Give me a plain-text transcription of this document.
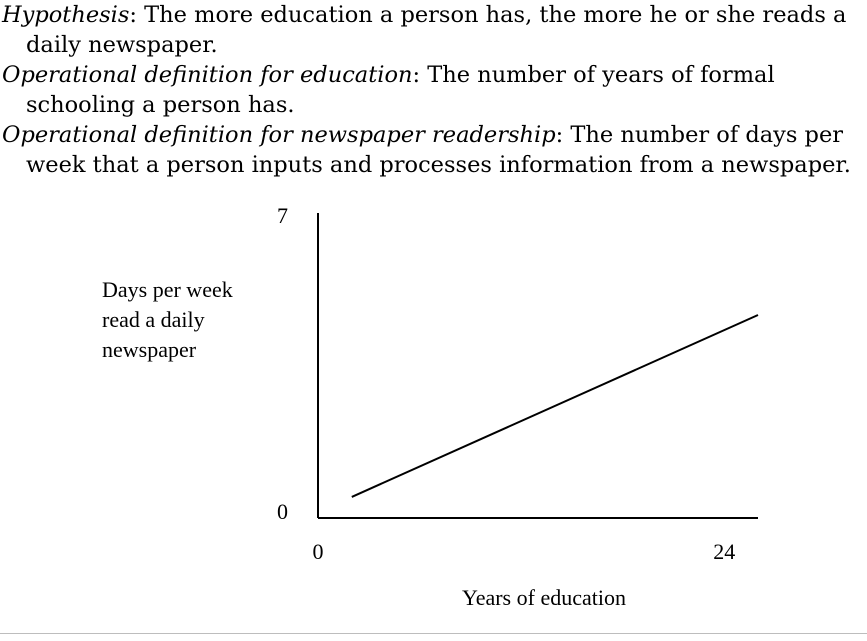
Hypothesis: The more education a person has, the more he or she reads a daily newspaper.

Operational definition for education: The number of years of formal schooling a person has.

Operational definition for newspaper readership: The number of days per week that a person inputs and processes information from a newspaper.

0	24
0
7
Years of education
Days per week
read a daily
newspaper
